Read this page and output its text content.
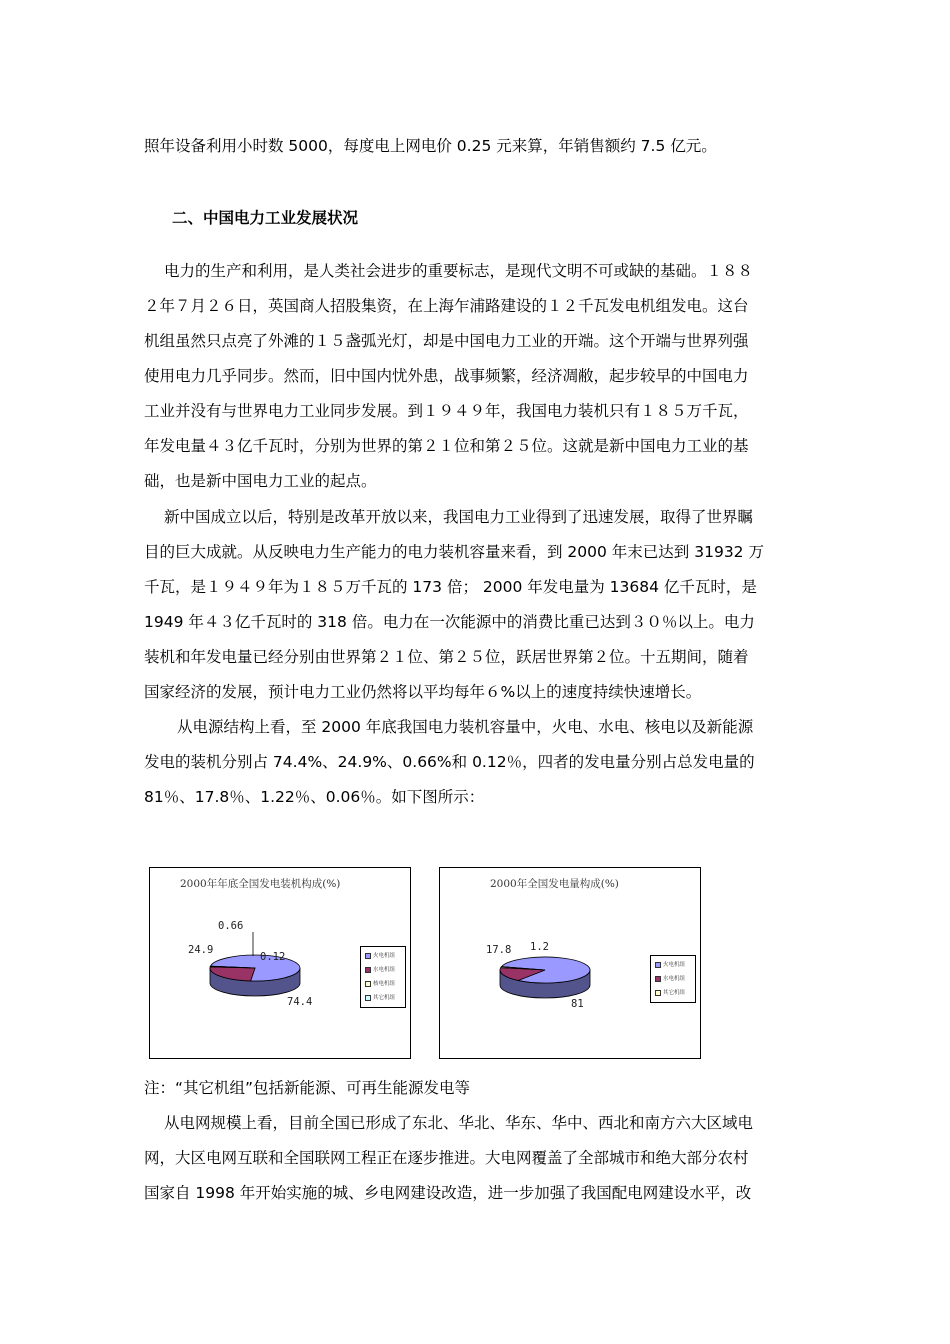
照年设备利用小时数 5000，每度电上网电价 0.25 元来算，年销售额约 7.5 亿元。
二、中国电力工业发展状况
电力的生产和利用，是人类社会进步的重要标志，是现代文明不可或缺的基础。１８８
２年７月２６日，英国商人招股集资，在上海乍浦路建设的１２千瓦发电机组发电。这台
机组虽然只点亮了外滩的１５盏弧光灯，却是中国电力工业的开端。这个开端与世界列强
使用电力几乎同步。然而，旧中国内忧外患，战事频繁，经济凋敝，起步较早的中国电力
工业并没有与世界电力工业同步发展。到１９４９年，我国电力装机只有１８５万千瓦，
年发电量４３亿千瓦时，分别为世界的第２１位和第２５位。这就是新中国电力工业的基
础，也是新中国电力工业的起点。
新中国成立以后，特别是改革开放以来，我国电力工业得到了迅速发展，取得了世界瞩
目的巨大成就。从反映电力生产能力的电力装机容量来看，到 2000 年末已达到 31932 万
千瓦，是１９４９年为１８５万千瓦的 173 倍； 2000 年发电量为 13684 亿千瓦时，是
1949 年４３亿千瓦时的 318 倍。电力在一次能源中的消费比重已达到３０％以上。电力
装机和年发电量已经分别由世界第２１位、第２５位，跃居世界第２位。十五期间，随着
国家经济的发展，预计电力工业仍然将以平均每年６%以上的速度持续快速增长。
从电源结构上看，至 2000 年底我国电力装机容量中，火电、水电、核电以及新能源
发电的装机分别占 74.4%、24.9%、0.66%和 0.12％，四者的发电量分别占总发电量的
81％、17.8％、1.22％、0.06％。如下图所示：
2000年年底全国发电装机构成(%)
0.66
24.9
0.12
74.4
火电机组
水电机组
核电机组
其它机组
2000年全国发电量构成(%)
17.8 1.2
81
火电机组
水电机组
其它机组
注：“其它机组”包括新能源、可再生能源发电等
从电网规模上看，目前全国已形成了东北、华北、华东、华中、西北和南方六大区域电
网，大区电网互联和全国联网工程正在逐步推进。大电网覆盖了全部城市和绝大部分农村
国家自 1998 年开始实施的城、乡电网建设改造，进一步加强了我国配电网建设水平，改
